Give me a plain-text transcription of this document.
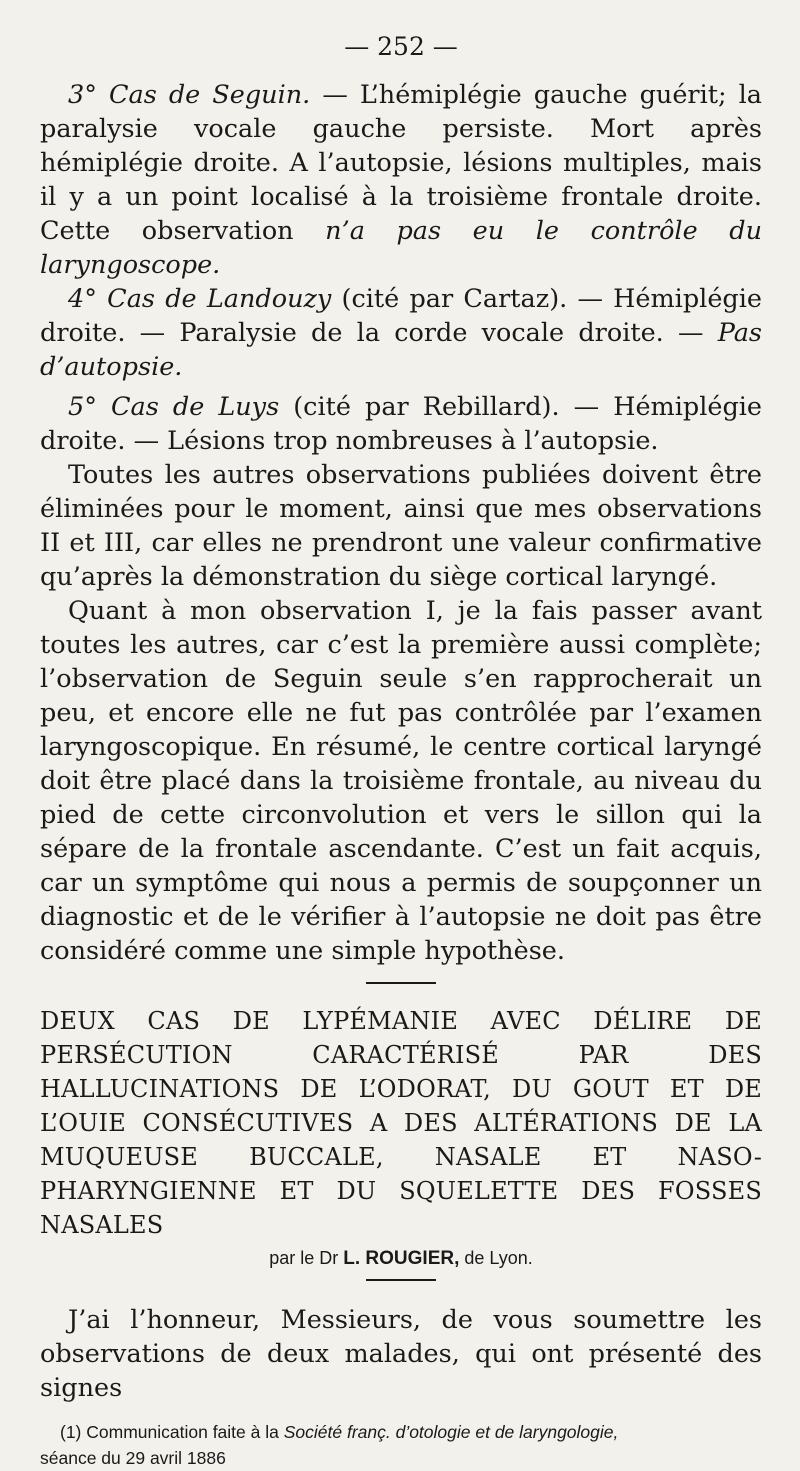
— 252 —

3° Cas de Seguin. — L’hémiplégie gauche guérit; la paralysie vocale gauche persiste. Mort après hémiplégie droite. A l’autopsie, lésions multiples, mais il y a un point localisé à la troisième frontale droite. Cette observation n’a pas eu le contrôle du laryngoscope.

4° Cas de Landouzy (cité par Cartaz). — Hémiplégie droite. — Paralysie de la corde vocale droite. — Pas d’autopsie.

5° Cas de Luys (cité par Rebillard). — Hémiplégie droite. — Lésions trop nombreuses à l’autopsie.

Toutes les autres observations publiées doivent être éliminées pour le moment, ainsi que mes observations II et III, car elles ne prendront une valeur confirmative qu’après la démonstration du siège cortical laryngé.

Quant à mon observation I, je la fais passer avant toutes les autres, car c’est la première aussi complète; l’observation de Seguin seule s’en rapprocherait un peu, et encore elle ne fut pas contrôlée par l’examen laryngoscopique. En résumé, le centre cortical laryngé doit être placé dans la troisième frontale, au niveau du pied de cette circonvolution et vers le sillon qui la sépare de la frontale ascendante. C’est un fait acquis, car un symptôme qui nous a permis de soupçonner un diagnostic et de le vérifier à l’autopsie ne doit pas être considéré comme une simple hypothèse.

DEUX CAS DE LYPÉMANIE AVEC DÉLIRE DE PERSÉCUTION CARACTÉRISÉ PAR DES HALLUCINATIONS DE L’ODORAT, DU GOUT ET DE L’OUIE CONSÉCUTIVES A DES ALTÉRATIONS DE LA MUQUEUSE BUCCALE, NASALE ET NASO-PHARYNGIENNE ET DU SQUELETTE DES FOSSES NASALES

par le Dr L. ROUGIER, de Lyon.

J’ai l’honneur, Messieurs, de vous soumettre les observations de deux malades, qui ont présenté des signes

(1) Communication faite à la Société franç. d’otologie et de laryngologie,

séance du 29 avril 1886
